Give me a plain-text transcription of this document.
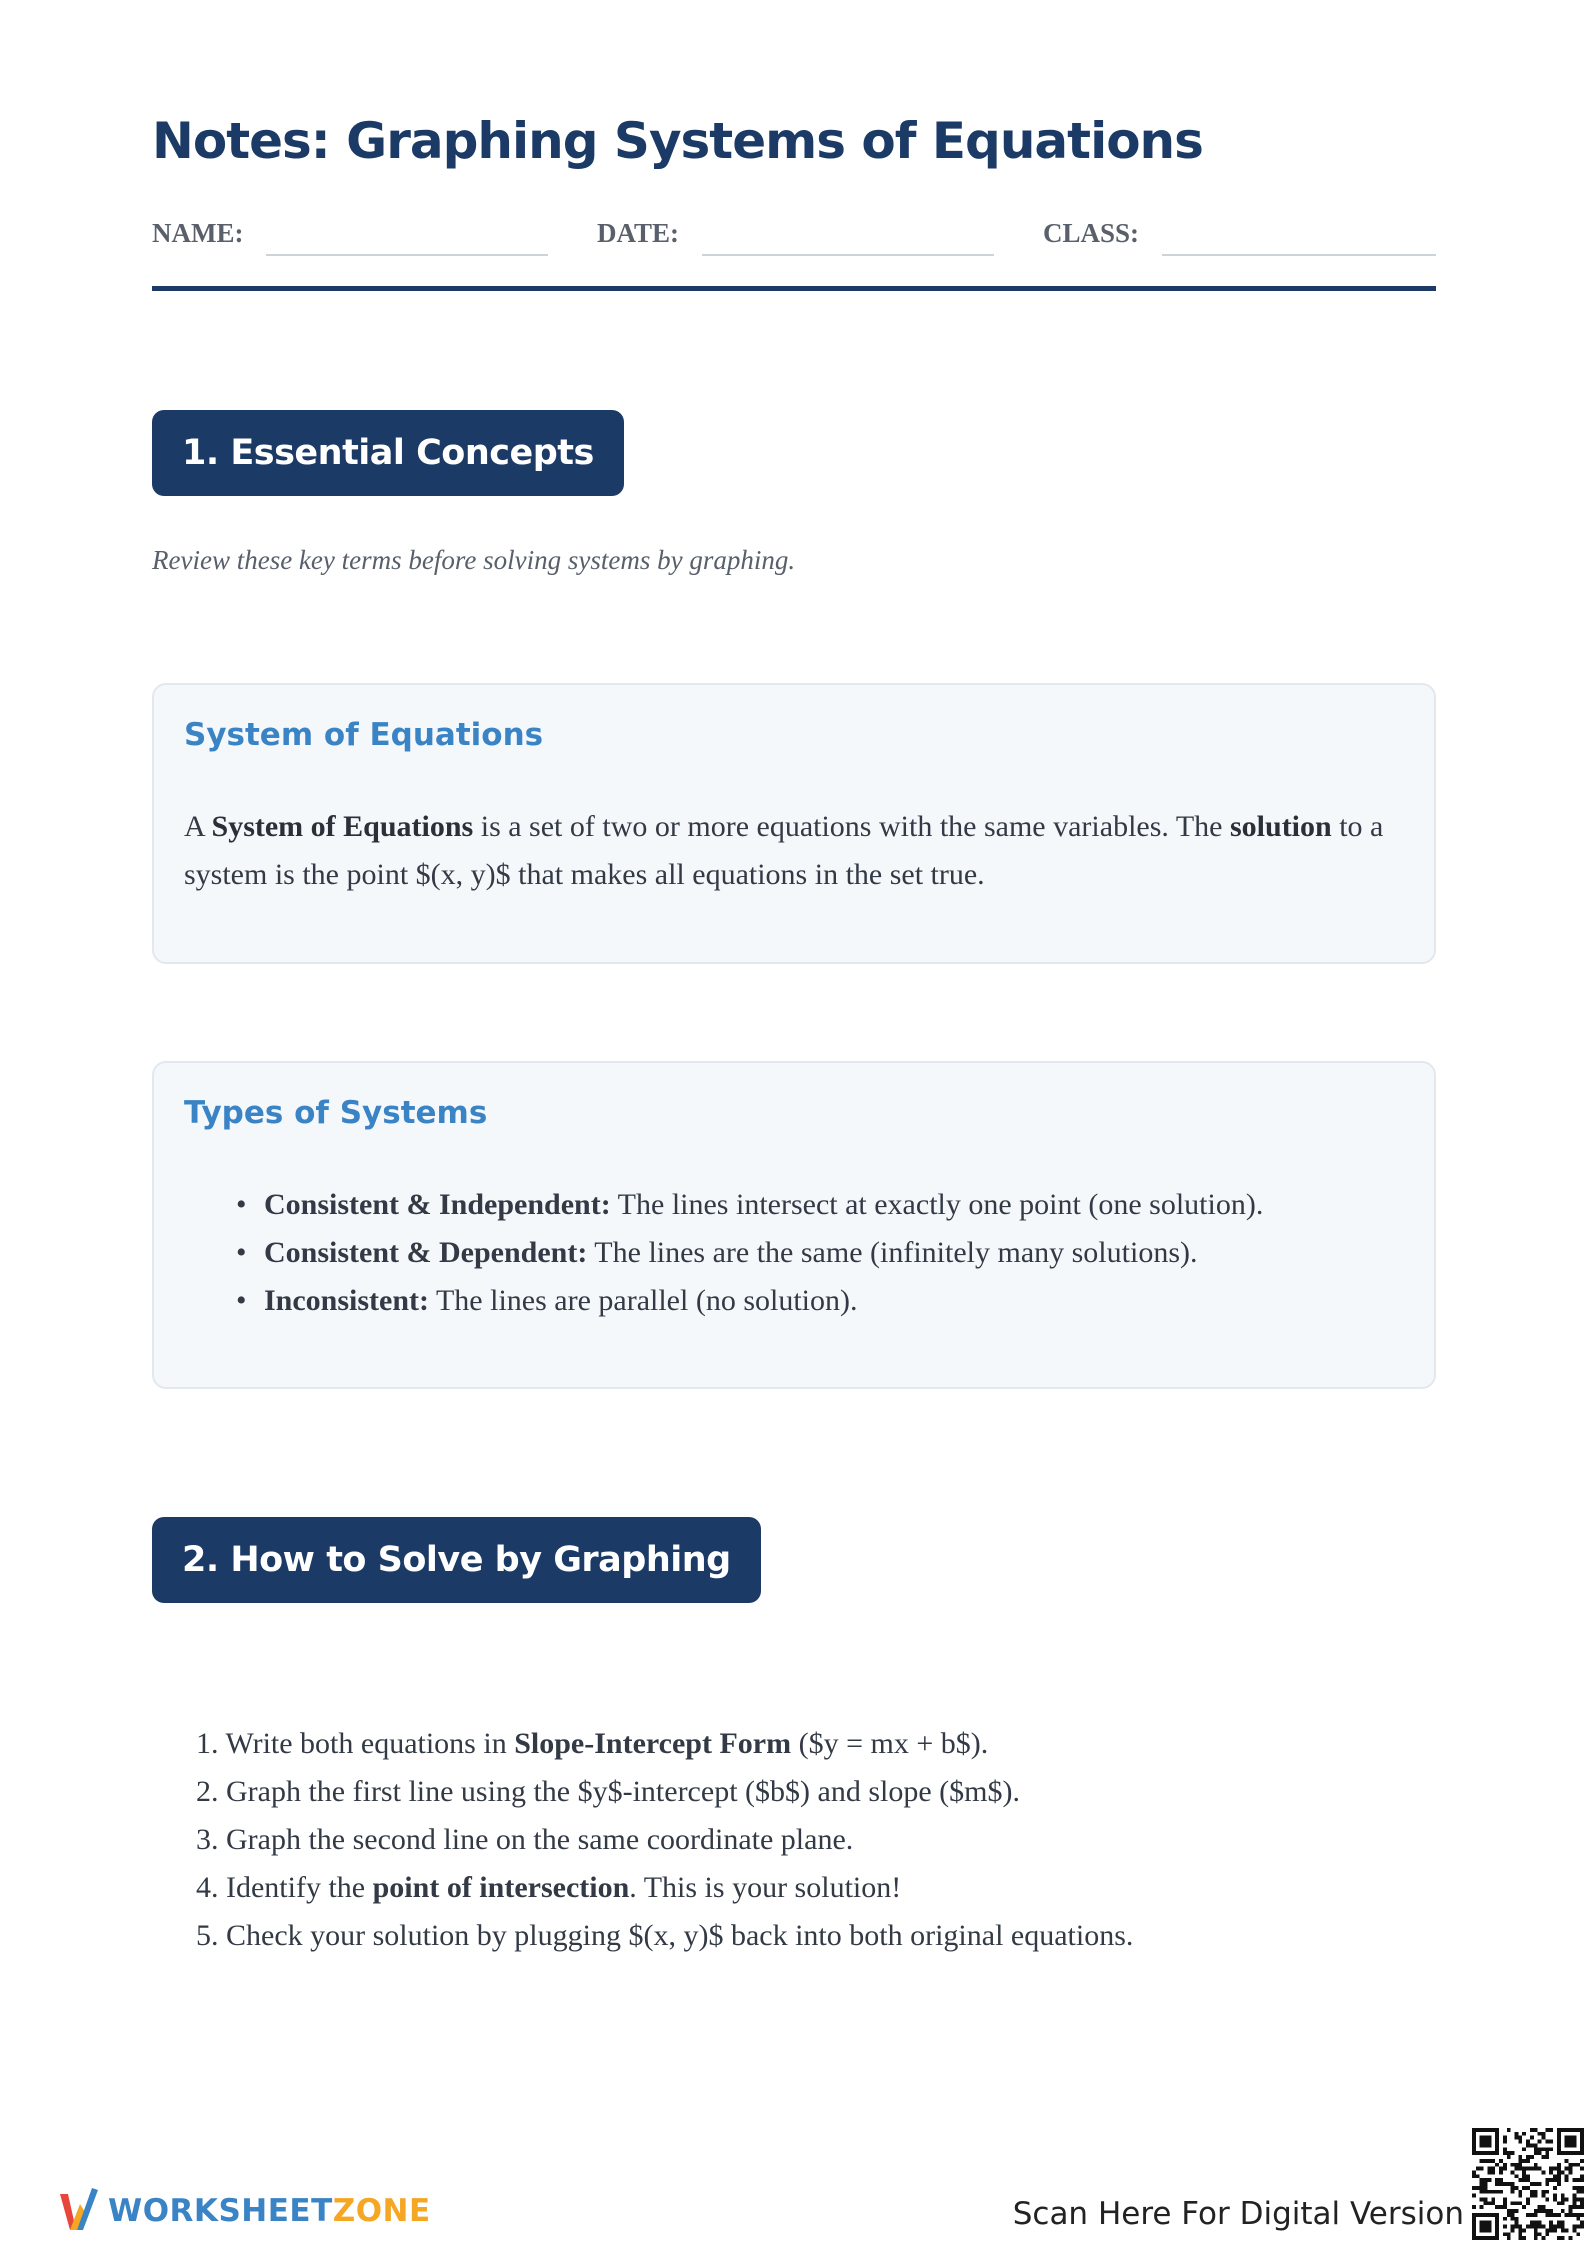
Notes: Graphing Systems of Equations
NAME:	DATE:	CLASS:
1. Essential Concepts
Review these key terms before solving systems by graphing.
System of Equations
A System of Equations is a set of two or more equations with the same variables. The solution to a system is the point $(x, y)$ that makes all equations in the set true.
Types of Systems
• Consistent & Independent: The lines intersect at exactly one point (one solution).
• Consistent & Dependent: The lines are the same (infinitely many solutions).
• Inconsistent: The lines are parallel (no solution).
2. How to Solve by Graphing
1. Write both equations in Slope-Intercept Form ($y = mx + b$).
2. Graph the first line using the $y$-intercept ($b$) and slope ($m$).
3. Graph the second line on the same coordinate plane.
4. Identify the point of intersection. This is your solution!
5. Check your solution by plugging $(x, y)$ back into both original equations.
WORKSHEETZONE	Scan Here For Digital Version
